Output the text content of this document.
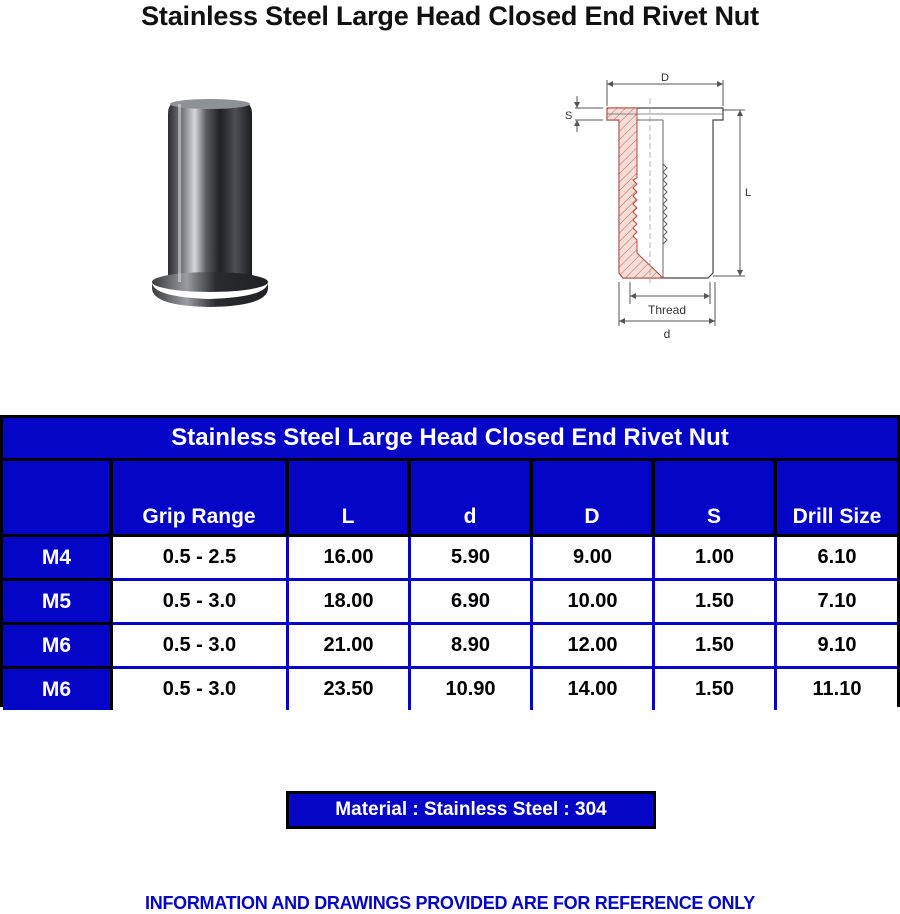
Stainless Steel Large Head Closed End Rivet Nut
D
S
L
Thread
d
Stainless Steel Large Head Closed End Rivet Nut						
	Grip Range	L	d	D	S	Drill Size
M4	0.5 - 2.5	16.00	5.90	9.00	1.00	6.10
M5	0.5 - 3.0	18.00	6.90	10.00	1.50	7.10
M6	0.5 - 3.0	21.00	8.90	12.00	1.50	9.10
M6	0.5 - 3.0	23.50	10.90	14.00	1.50	11.10
Material : Stainless Steel : 304
INFORMATION AND DRAWINGS PROVIDED ARE FOR REFERENCE ONLY
